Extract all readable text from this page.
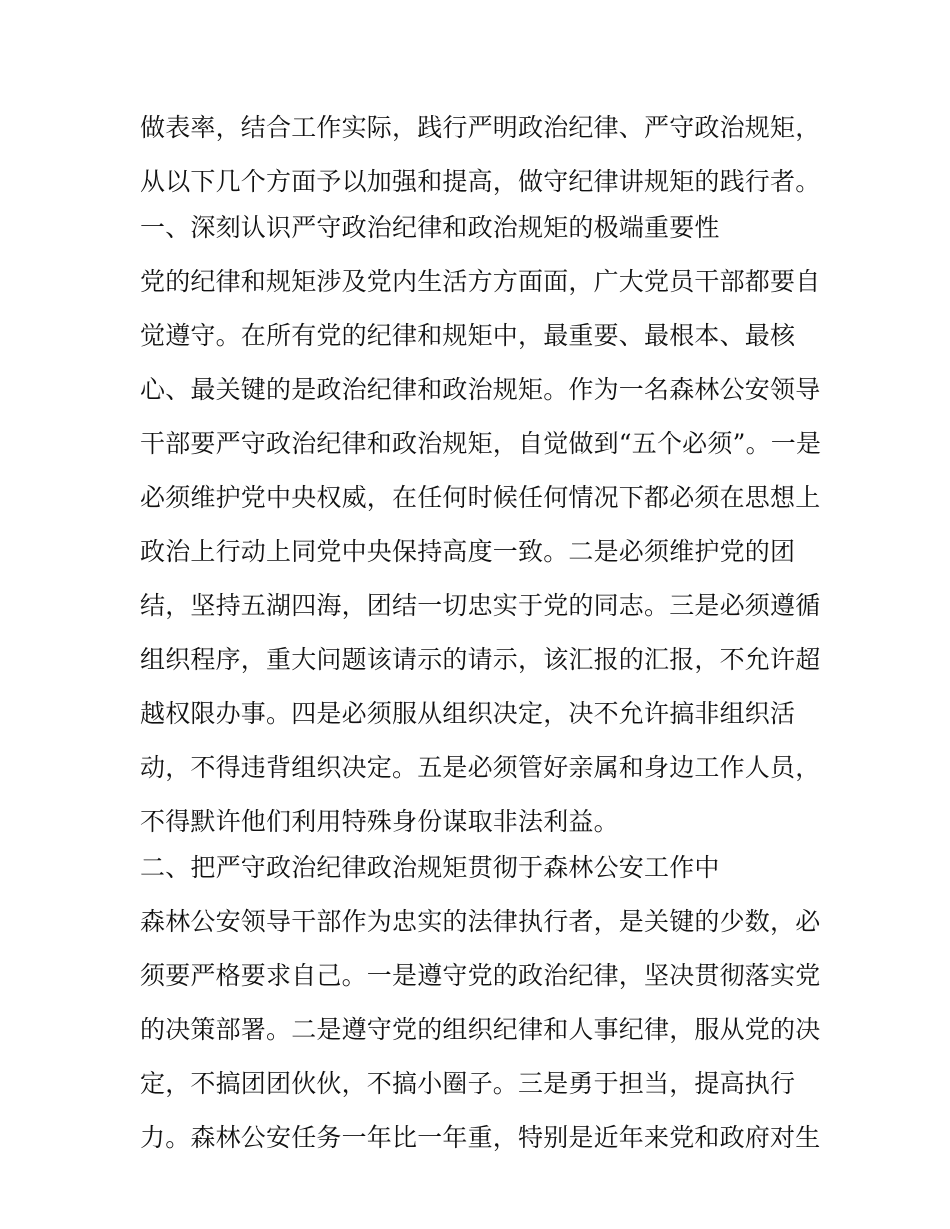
做表率，结合工作实际，践行严明政治纪律、严守政治规矩，
从以下几个方面予以加强和提高，做守纪律讲规矩的践行者。
一、深刻认识严守政治纪律和政治规矩的极端重要性
党的纪律和规矩涉及党内生活方方面面，广大党员干部都要自
觉遵守。在所有党的纪律和规矩中，最重要、最根本、最核
心、最关键的是政治纪律和政治规矩。作为一名森林公安领导
干部要严守政治纪律和政治规矩，自觉做到“五个必须”。一是
必须维护党中央权威，在任何时候任何情况下都必须在思想上
政治上行动上同党中央保持高度一致。二是必须维护党的团
结，坚持五湖四海，团结一切忠实于党的同志。三是必须遵循
组织程序，重大问题该请示的请示，该汇报的汇报，不允许超
越权限办事。四是必须服从组织决定，决不允许搞非组织活
动，不得违背组织决定。五是必须管好亲属和身边工作人员，
不得默许他们利用特殊身份谋取非法利益。
二、把严守政治纪律政治规矩贯彻于森林公安工作中
森林公安领导干部作为忠实的法律执行者，是关键的少数，必
须要严格要求自己。一是遵守党的政治纪律，坚决贯彻落实党
的决策部署。二是遵守党的组织纪律和人事纪律，服从党的决
定，不搞团团伙伙，不搞小圈子。三是勇于担当，提高执行
力。森林公安任务一年比一年重，特别是近年来党和政府对生
